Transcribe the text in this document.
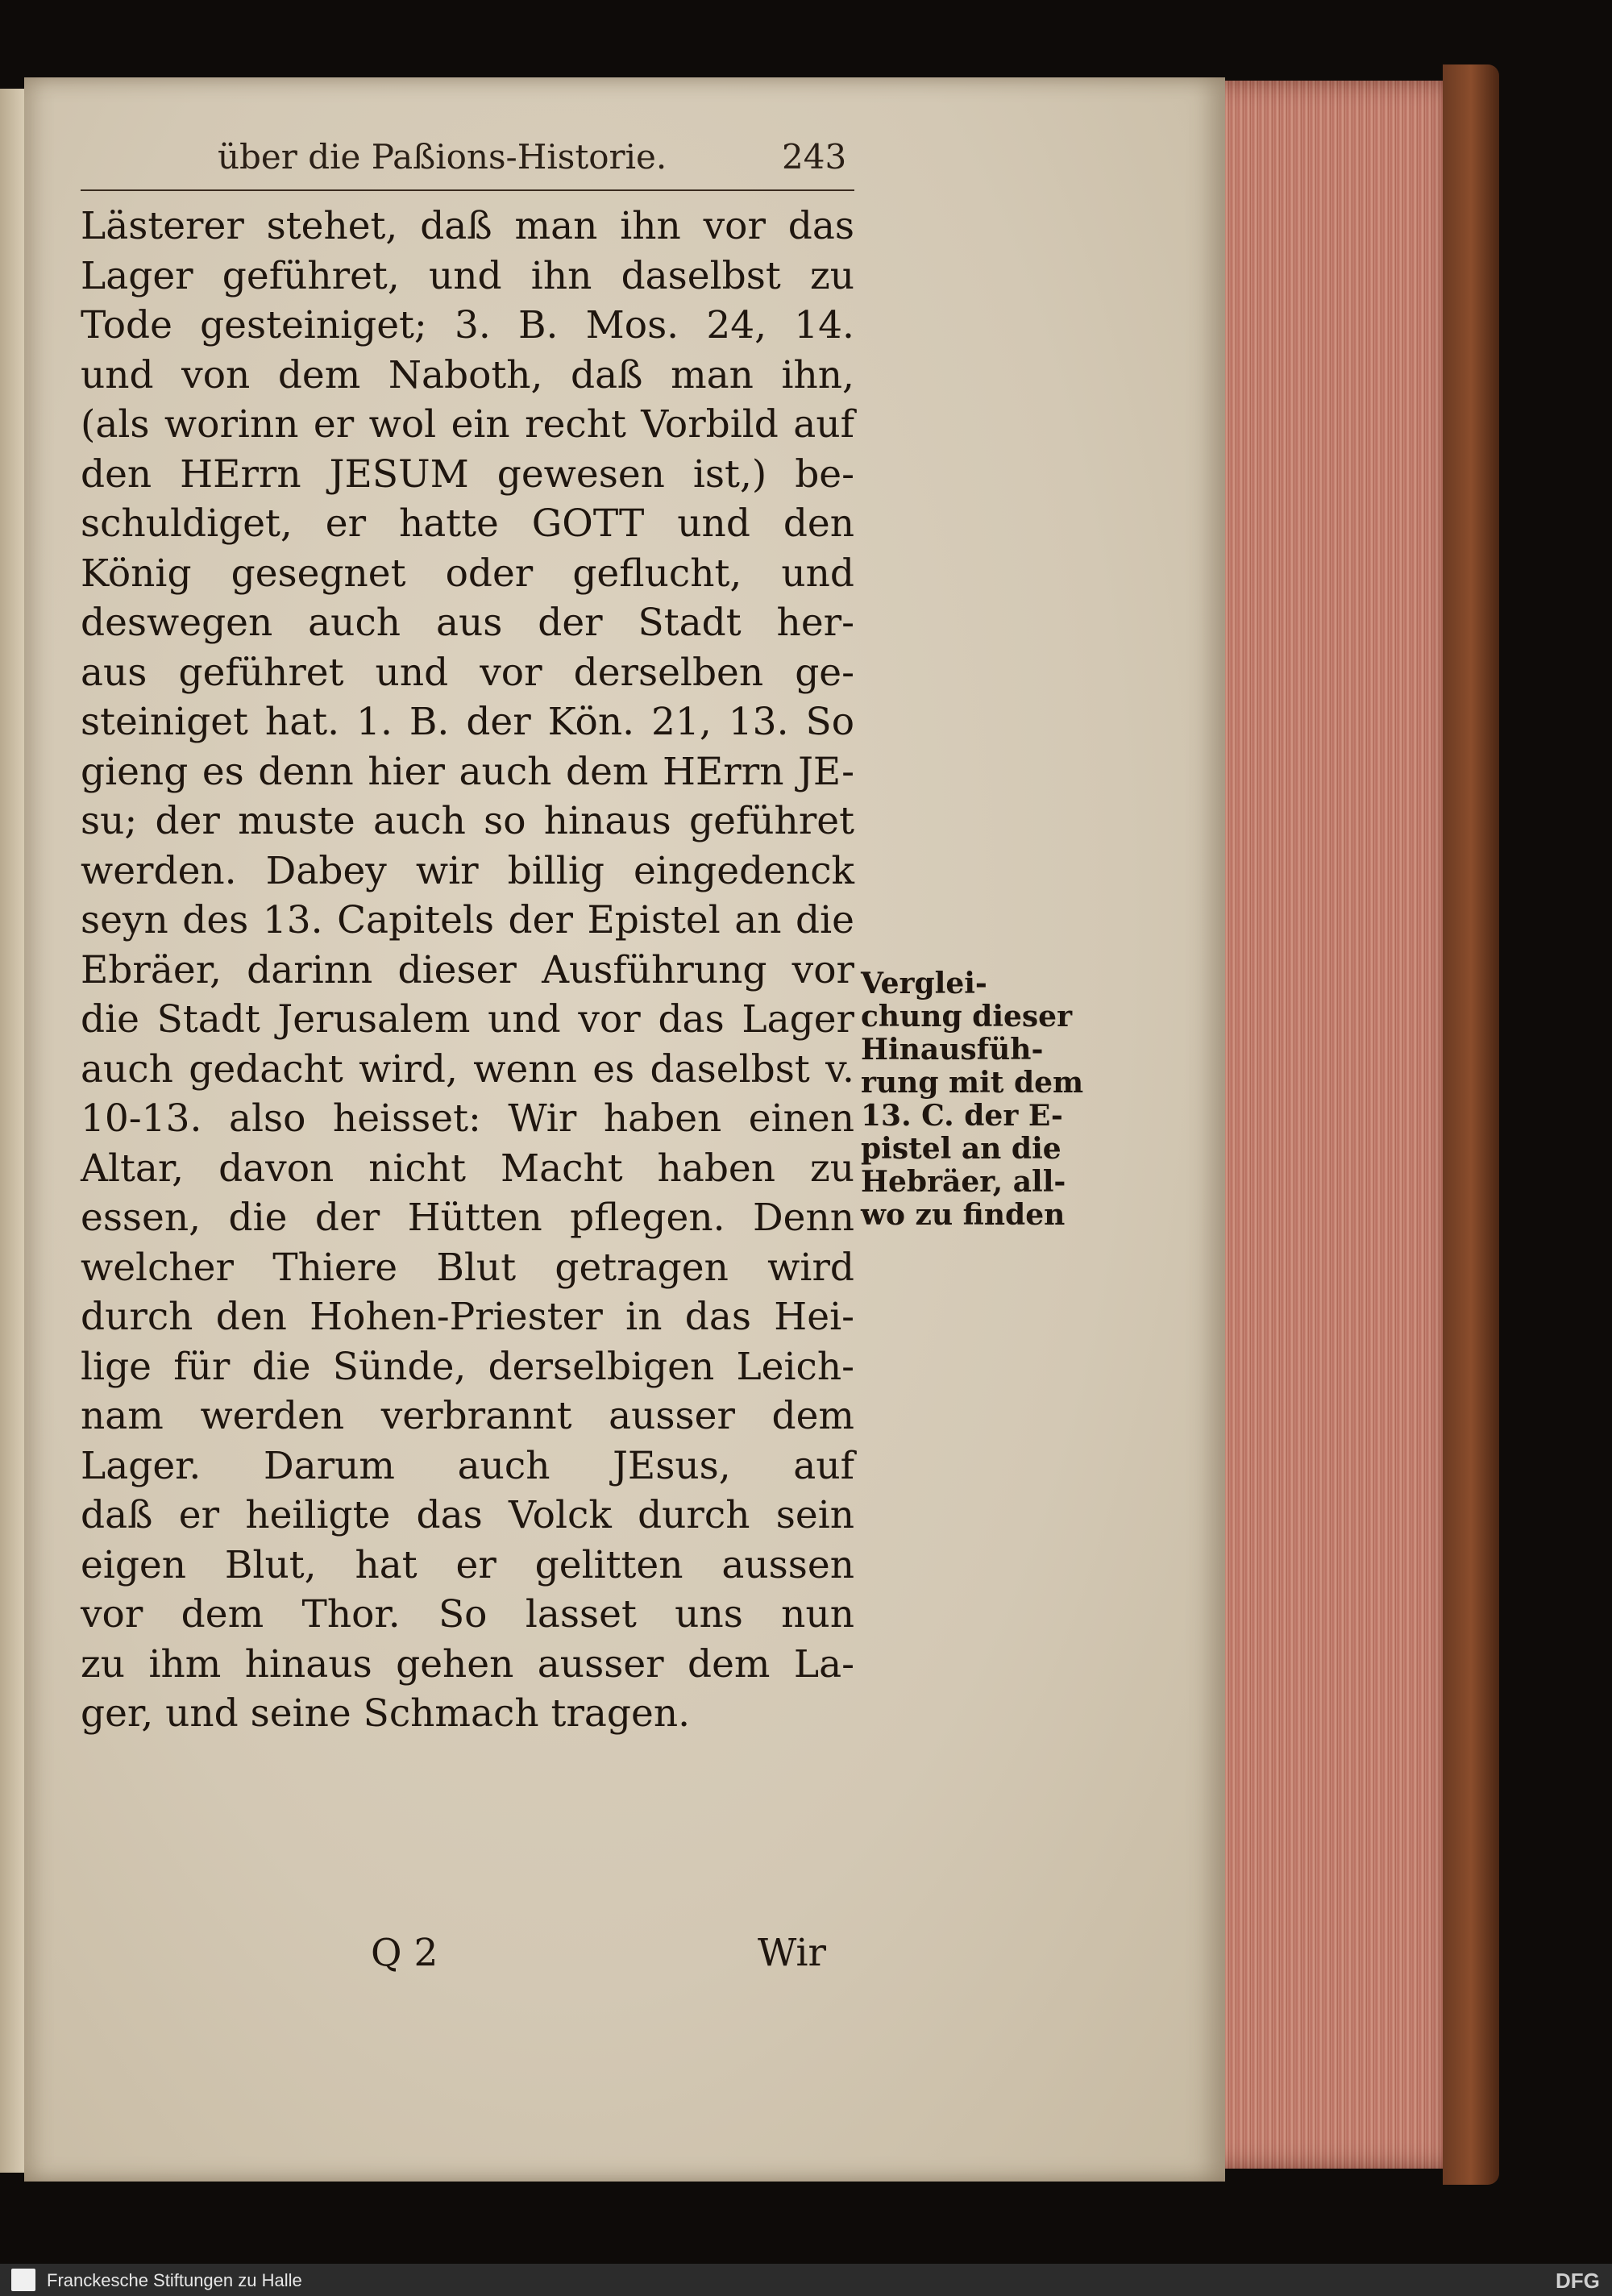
über die Paßions-Historie.	243
Lästerer stehet, daß man ihn vor das
Lager geführet, und ihn daselbst zu
Tode gesteiniget; 3. B. Mos. 24, 14.
und von dem Naboth, daß man ihn,
(als worinn er wol ein recht Vorbild auf
den HErrn JESUM gewesen ist,) be-
schuldiget, er hatte GOTT und den
König gesegnet oder geflucht, und
deswegen auch aus der Stadt her-
aus geführet und vor derselben ge-
steiniget hat. 1. B. der Kön. 21, 13. So
gieng es denn hier auch dem HErrn JE-
su; der muste auch so hinaus geführet
werden. Dabey wir billig eingedenck
seyn des 13. Capitels der Epistel an die
Ebräer, darinn dieser Ausführung vor
die Stadt Jerusalem und vor das Lager
auch gedacht wird, wenn es daselbst v.
10-13. also heisset: Wir haben einen
Altar, davon nicht Macht haben zu
essen, die der Hütten pflegen. Denn
welcher Thiere Blut getragen wird
durch den Hohen-Priester in das Hei-
lige für die Sünde, derselbigen Leich-
nam werden verbrannt ausser dem
Lager. Darum auch JEsus, auf
daß er heiligte das Volck durch sein
eigen Blut, hat er gelitten aussen
vor dem Thor. So lasset uns nun
zu ihm hinaus gehen ausser dem La-
ger, und seine Schmach tragen.
Verglei-
chung dieser
Hinausfüh-
rung mit dem
13. C. der E-
pistel an die
Hebräer, all-
wo zu finden
Q 2	Wir
Franckesche Stiftungen zu Halle	DFG
